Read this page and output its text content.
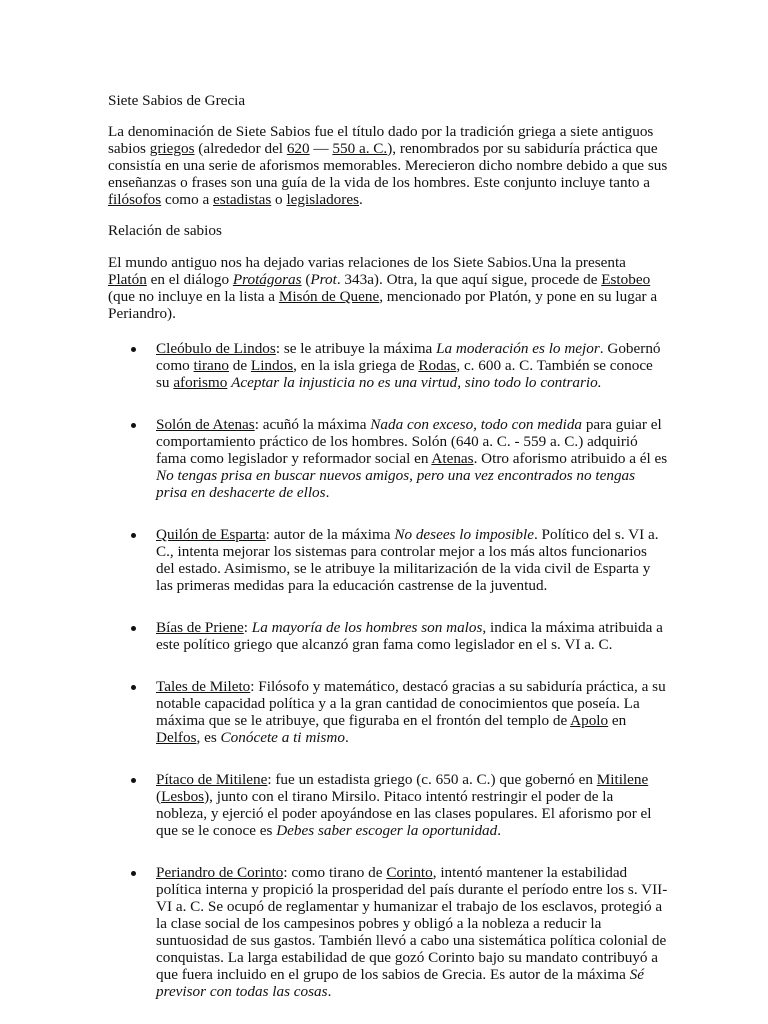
Siete Sabios de Grecia

La denominación de Siete Sabios fue el título dado por la tradición griega a siete antiguos sabios griegos (alrededor del 620 — 550 a. C.), renombrados por su sabiduría práctica que consistía en una serie de aforismos memorables. Merecieron dicho nombre debido a que sus enseñanzas o frases son una guía de la vida de los hombres. Este conjunto incluye tanto a filósofos como a estadistas o legisladores.

Relación de sabios

El mundo antiguo nos ha dejado varias relaciones de los Siete Sabios.Una la presenta Platón en el diálogo Protágoras (Prot. 343a). Otra, la que aquí sigue, procede de Estobeo (que no incluye en la lista a Misón de Quene, mencionado por Platón, y pone en su lugar a Periandro).

Cleóbulo de Lindos: se le atribuye la máxima La moderación es lo mejor. Gobernó como tirano de Lindos, en la isla griega de Rodas, c. 600 a. C. También se conoce su aforismo Aceptar la injusticia no es una virtud, sino todo lo contrario.
Solón de Atenas: acuñó la máxima Nada con exceso, todo con medida para guiar el comportamiento práctico de los hombres. Solón (640 a. C. - 559 a. C.) adquirió fama como legislador y reformador social en Atenas. Otro aforismo atribuido a él es No tengas prisa en buscar nuevos amigos, pero una vez encontrados no tengas prisa en deshacerte de ellos.
Quilón de Esparta: autor de la máxima No desees lo imposible. Político del s. VI a. C., intenta mejorar los sistemas para controlar mejor a los más altos funcionarios del estado. Asimismo, se le atribuye la militarización de la vida civil de Esparta y las primeras medidas para la educación castrense de la juventud.
Bías de Priene: La mayoría de los hombres son malos, indica la máxima atribuida a este político griego que alcanzó gran fama como legislador en el s. VI a. C.
Tales de Mileto: Filósofo y matemático, destacó gracias a su sabiduría práctica, a su notable capacidad política y a la gran cantidad de conocimientos que poseía. La máxima que se le atribuye, que figuraba en el frontón del templo de Apolo en Delfos, es Conócete a ti mismo.
Pítaco de Mitilene: fue un estadista griego (c. 650 a. C.) que gobernó en Mitilene (Lesbos), junto con el tirano Mirsilo. Pitaco intentó restringir el poder de la nobleza, y ejerció el poder apoyándose en las clases populares. El aforismo por el que se le conoce es Debes saber escoger la oportunidad.
Periandro de Corinto: como tirano de Corinto, intentó mantener la estabilidad política interna y propició la prosperidad del país durante el período entre los s. VII-VI a. C. Se ocupó de reglamentar y humanizar el trabajo de los esclavos, protegió a la clase social de los campesinos pobres y obligó a la nobleza a reducir la suntuosidad de sus gastos. También llevó a cabo una sistemática política colonial de conquistas. La larga estabilidad de que gozó Corinto bajo su mandato contribuyó a que fuera incluido en el grupo de los sabios de Grecia. Es autor de la máxima Sé previsor con todas las cosas.
